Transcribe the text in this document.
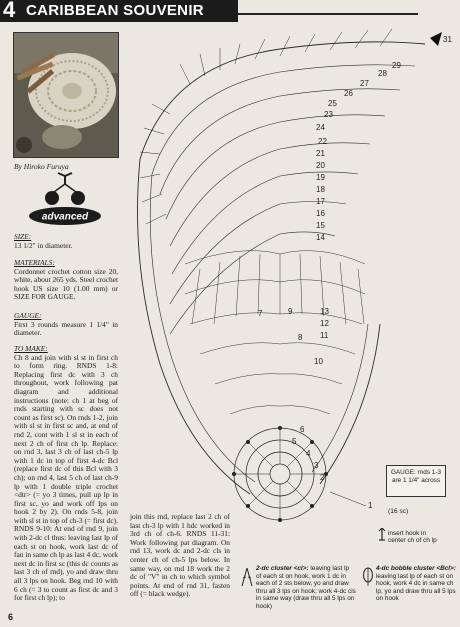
4 CARIBBEAN SOUVENIR
By Hiroko Furuya
advanced
SIZE:
13 1/2" in diameter.
MATERIALS:
Cordonnet crochet cotton size 20, white, about 265 yds. Steel crochet hook US size 10 (1.00 mm) or SIZE FOR GAUGE.
GAUGE:
First 3 rounds measure 1 1/4" in diameter.
TO MAKE:
Ch 8 and join with sl st in first ch to form ring. RNDS 1-8: Replacing first dc with 3 ch throughout, work following pat diagram and additional instructions (note: ch 1 at beg of rnds starting with sc does not count as first sc). On rnds 1-2, join with sl st in first sc and, at end of rnd 2, cont with 1 sl st in each of next 2 ch of first ch lp. Replace: on rnd 3, last 3 ch of last ch-5 lp with 1 dc in top of first 4-dc Bcl (replace first dc of this Bcl with 3 ch); on rnd 4, last 5 ch of last ch-9 lp with 1 double triple crochet <dtr> (= yo 3 times, pull up lp in first sc, yo and work off lps on hook 2 by 2). On rnds 5-8, join with sl st in top of ch-3 (= first dc). RNDS 9-10: At end of rnd 9, join with 2-dc cl thus: leaving last lp of each st on hook, work last dc of fan in same ch lp as last 4 dc, work next dc in first sc (this dc counts as last 3 ch of rnd), yo and draw thru all 3 lps on hook. Beg rnd 10 with 6 ch (= 3 to count as first dc and 3 for first ch lp); to
join this rnd, replace last 2 ch of last ch-3 lp with 1 hdc worked in 3rd ch of ch-6. RNDS 11-31: Work following pat diagram. On rnd 13, work dc and 2-dc cls in center ch of ch-5 lps below. In same way, on rnd 18 work the 2 dc of "V" in ch to which symbol points. At end of rnd 31, fasten off (= black wedge).
31
29
28
27
26
25
24
23
22
21
20
19
18
17
16
15
14
13
12
11
10
9
8
7
6
5
4
3
2
1
GAUGE: rnds 1-3
are 1 1/4" across
(16 sc)
insert hook in
center ch of ch lp
2-dc cluster <cl>: leaving last lp of each st on hook, work 1 dc in each of 2 sts below, yo and draw thru all 3 lps on hook; work 4-dc cls in same way (draw thru all 5 lps on hook)
4-dc bobble cluster <Bcl>: leaving last lp of each st on hook, work 4 dc in same ch lp, yo and draw thru all 5 lps on hook
6
